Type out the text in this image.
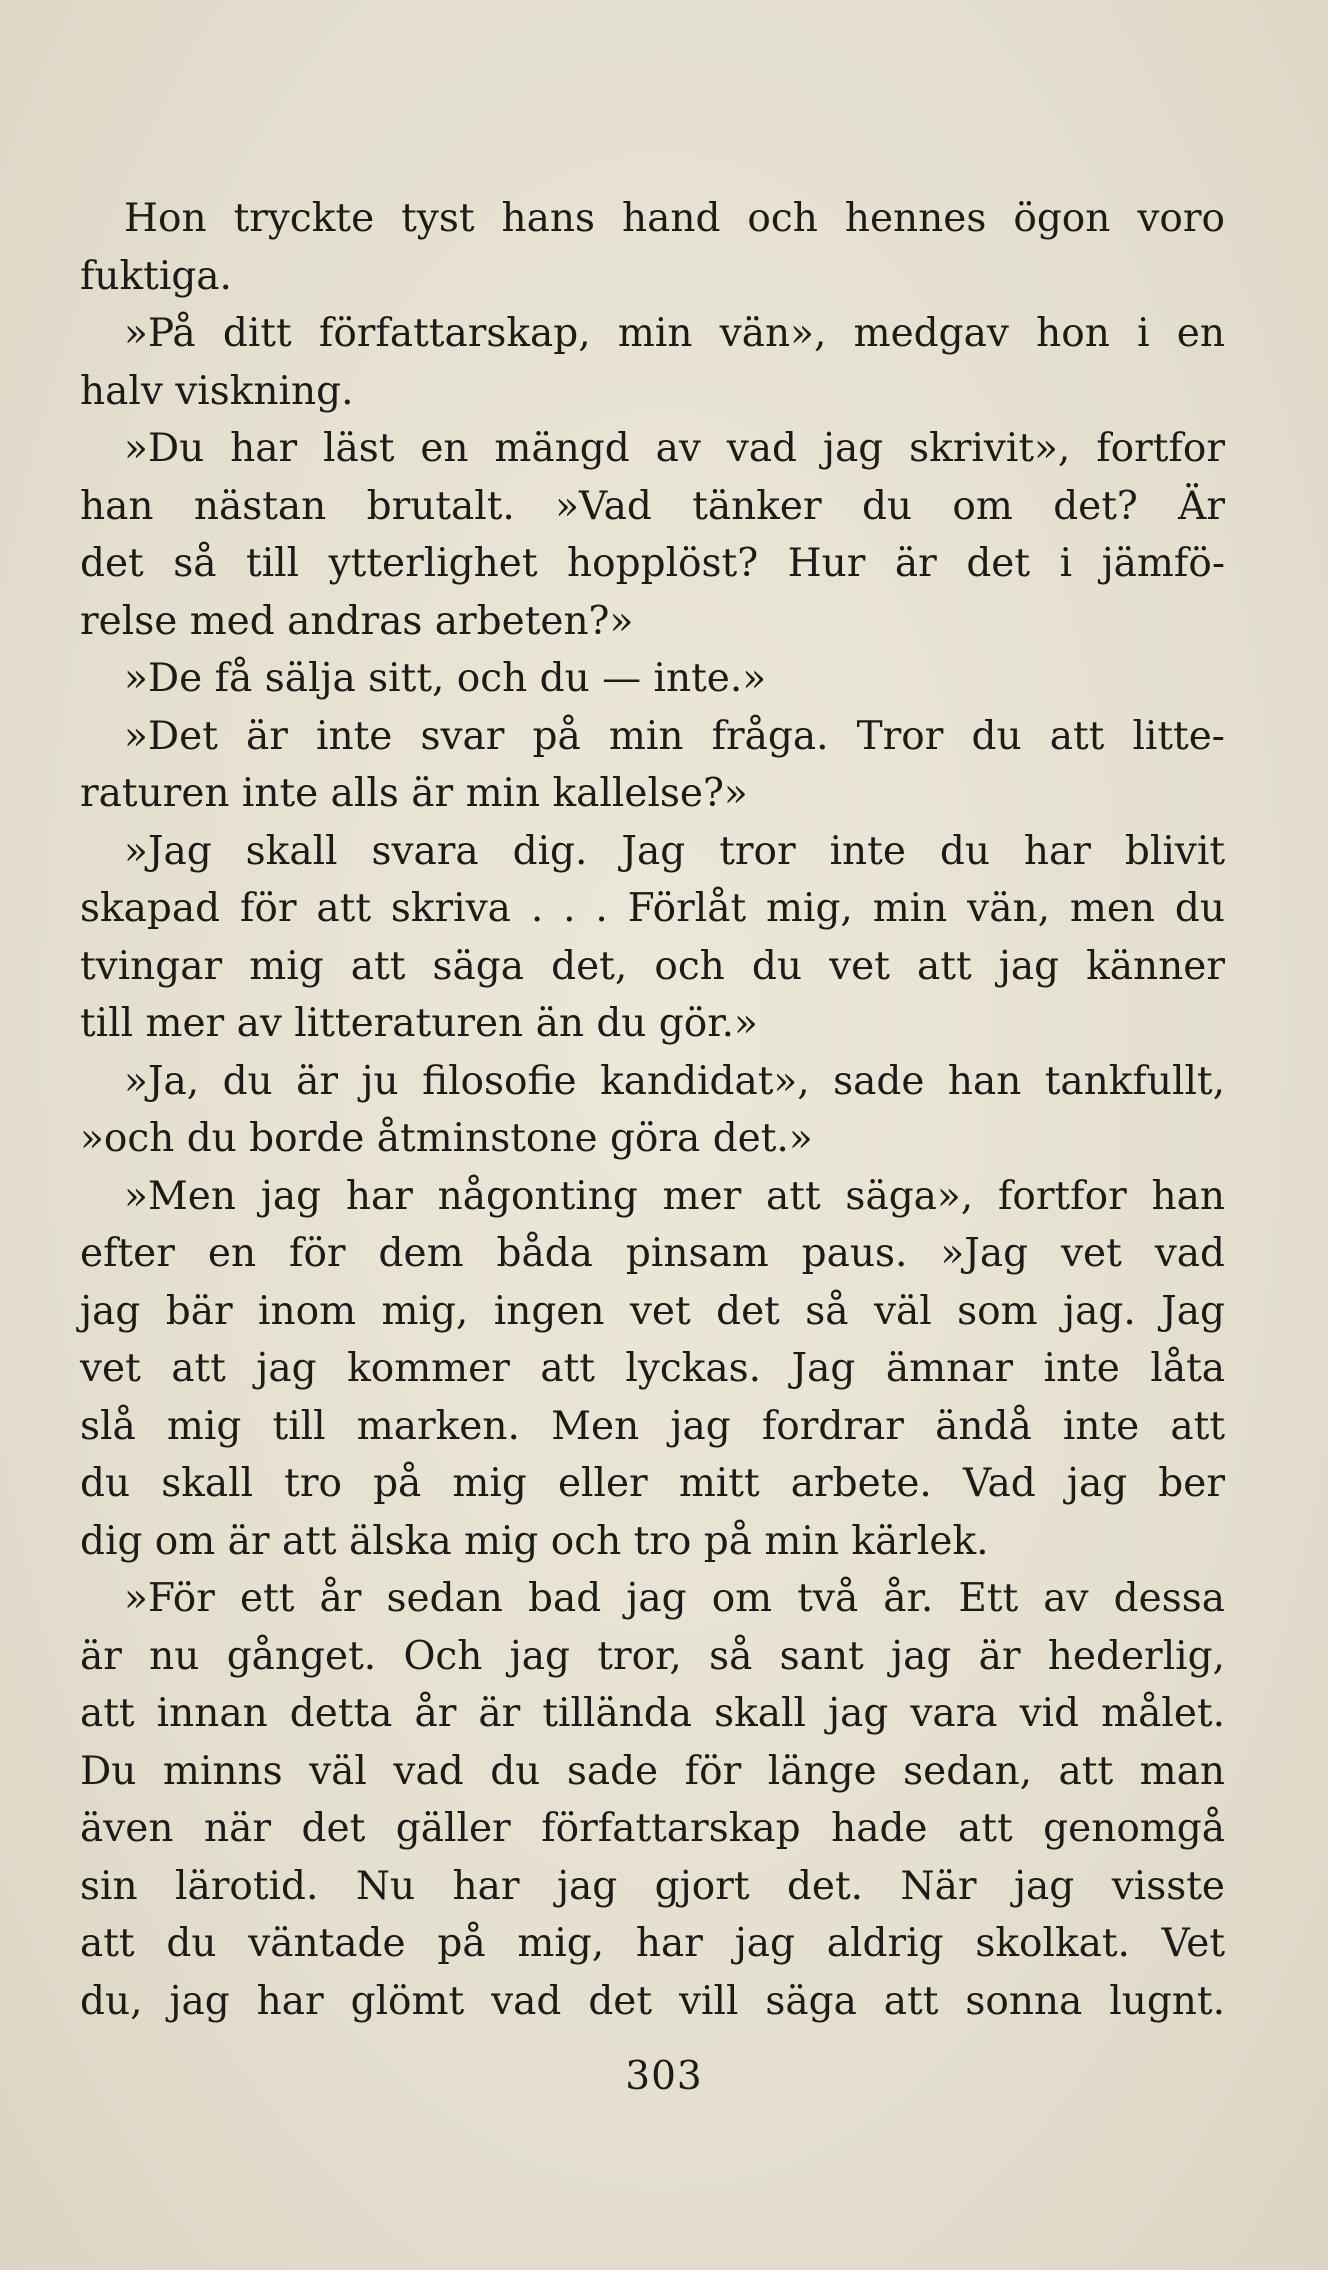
Hon tryckte tyst hans hand och hennes ögon voro
fuktiga.
»På ditt författarskap, min vän», medgav hon i en
halv viskning.
»Du har läst en mängd av vad jag skrivit», fortfor
han nästan brutalt. »Vad tänker du om det? Är
det så till ytterlighet hopplöst? Hur är det i jämfö-
relse med andras arbeten?»
»De få sälja sitt, och du — inte.»
»Det är inte svar på min fråga. Tror du att litte-
raturen inte alls är min kallelse?»
»Jag skall svara dig. Jag tror inte du har blivit
skapad för att skriva . . . Förlåt mig, min vän, men du
tvingar mig att säga det, och du vet att jag känner
till mer av litteraturen än du gör.»
»Ja, du är ju filosofie kandidat», sade han tankfullt,
»och du borde åtminstone göra det.»
»Men jag har någonting mer att säga», fortfor han
efter en för dem båda pinsam paus. »Jag vet vad
jag bär inom mig, ingen vet det så väl som jag. Jag
vet att jag kommer att lyckas. Jag ämnar inte låta
slå mig till marken. Men jag fordrar ändå inte att
du skall tro på mig eller mitt arbete. Vad jag ber
dig om är att älska mig och tro på min kärlek.
»För ett år sedan bad jag om två år. Ett av dessa
är nu gånget. Och jag tror, så sant jag är hederlig,
att innan detta år är tilländа skall jag vara vid målet.
Du minns väl vad du sade för länge sedan, att man
även när det gäller författarskap hade att genomgå
sin lärotid. Nu har jag gjort det. När jag visste
att du väntade på mig, har jag aldrig skolkat. Vet
du, jag har glömt vad det vill säga att sonna lugnt.
303
